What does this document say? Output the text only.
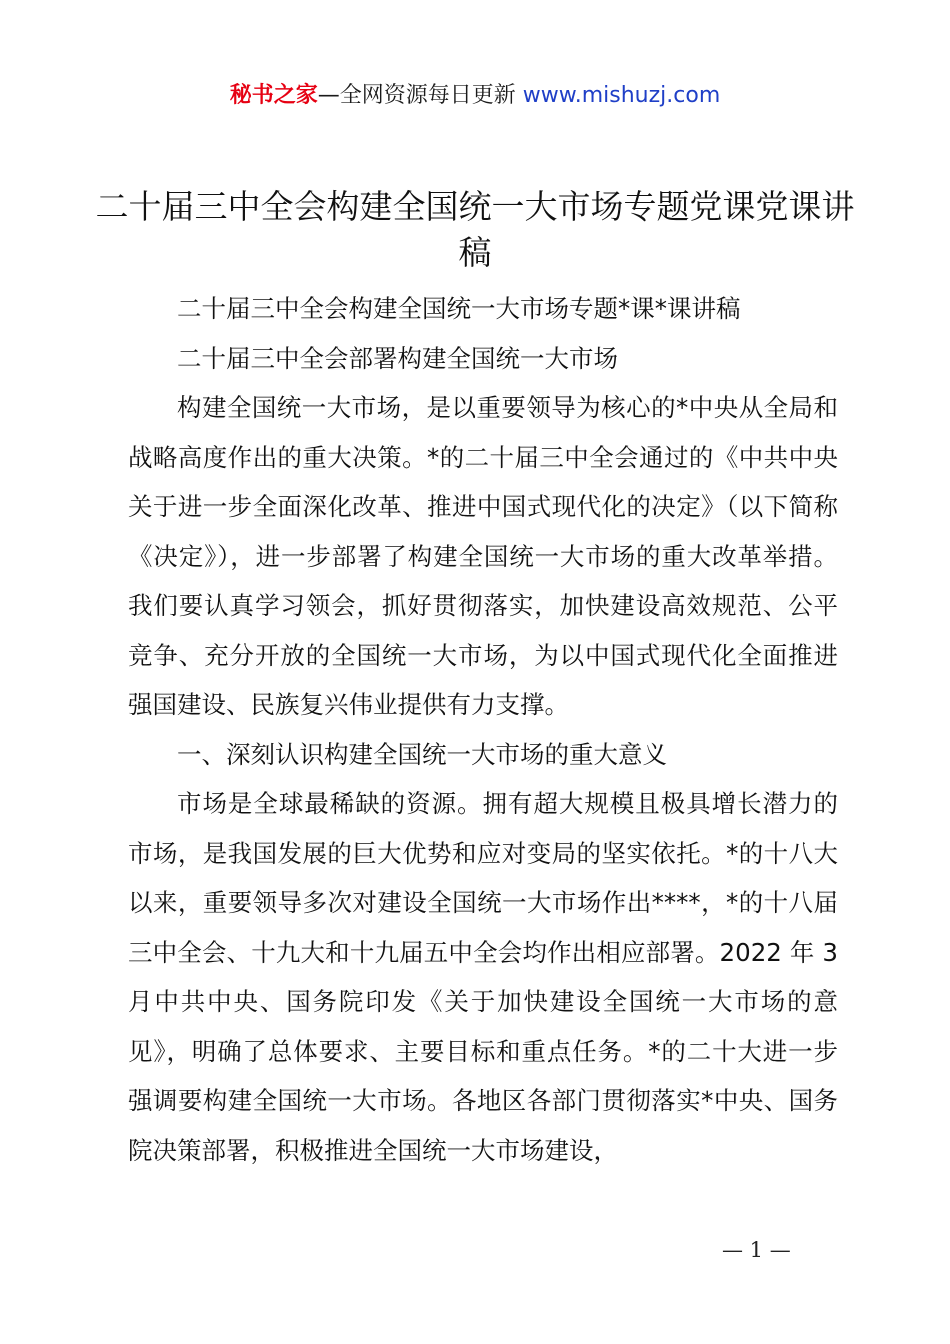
秘书之家—全网资源每日更新 www.mishuzj.com
二十届三中全会构建全国统一大市场专题党课党课讲稿

二十届三中全会构建全国统一大市场专题*课*课讲稿

二十届三中全会部署构建全国统一大市场

构建全国统一大市场，是以重要领导为核心的*中央从全局和战略高度作出的重大决策。*的二十届三中全会通过的《中共中央关于进一步全面深化改革、推进中国式现代化的决定》（以下简称《决定》），进一步部署了构建全国统一大市场的重大改革举措。我们要认真学习领会，抓好贯彻落实，加快建设高效规范、公平竞争、充分开放的全国统一大市场，为以中国式现代化全面推进强国建设、民族复兴伟业提供有力支撑。

一、深刻认识构建全国统一大市场的重大意义

市场是全球最稀缺的资源。拥有超大规模且极具增长潜力的市场，是我国发展的巨大优势和应对变局的坚实依托。*的十八大以来，重要领导多次对建设全国统一大市场作出****，*的十八届三中全会、十九大和十九届五中全会均作出相应部署。2022 年 3 月中共中央、国务院印发《关于加快建设全国统一大市场的意见》，明确了总体要求、主要目标和重点任务。*的二十大进一步强调要构建全国统一大市场。各地区各部门贯彻落实*中央、国务院决策部署，积极推进全国统一大市场建设，

— 1 —
